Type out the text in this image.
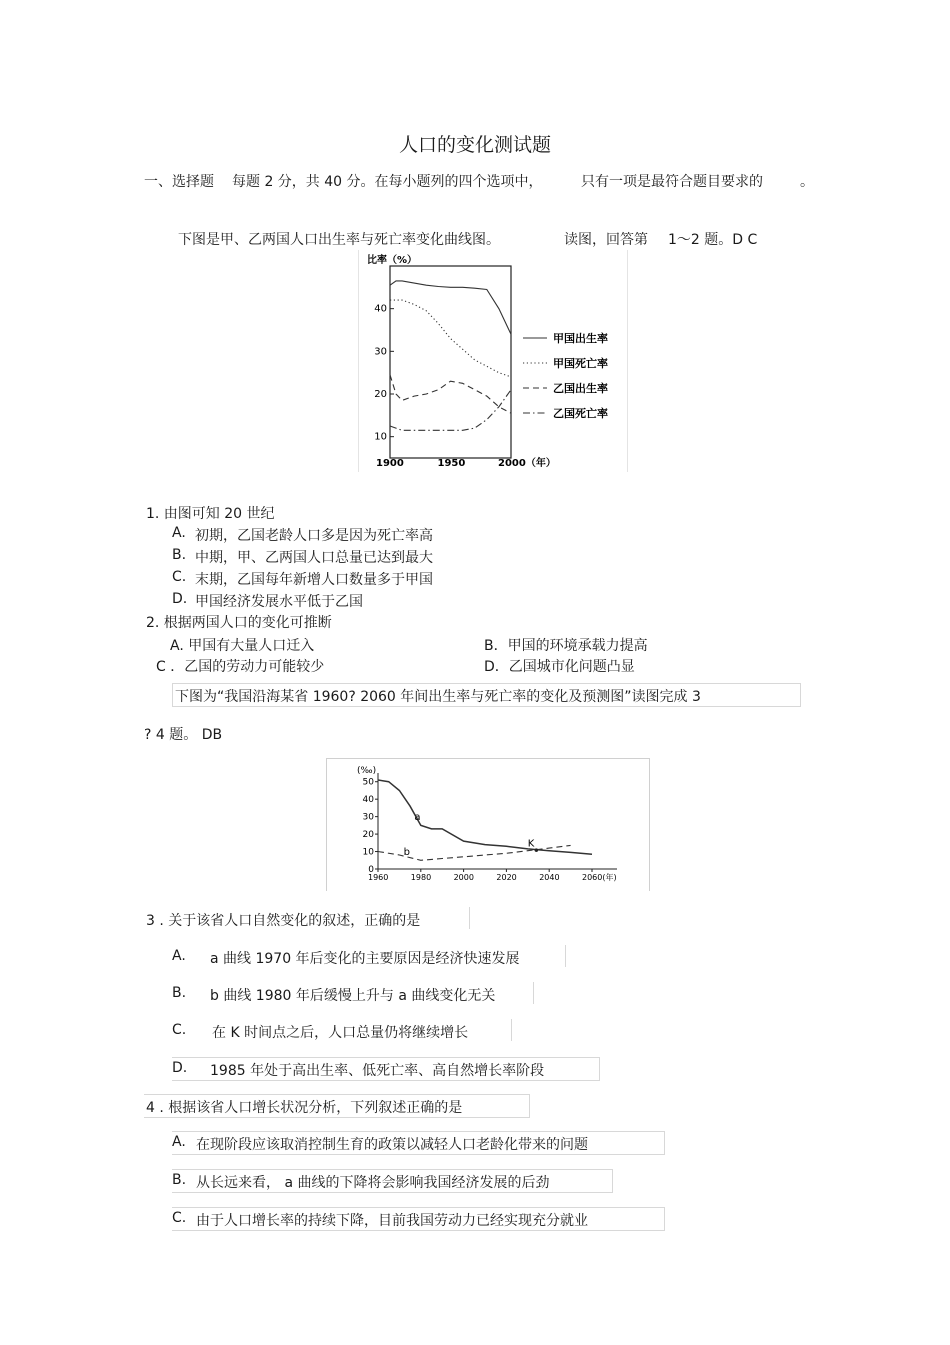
人口的变化测试题
一、选择题 每题 2 分，共 40 分。在每小题列的四个选项中，	只有一项是最符合题目要求的	。
下图是甲、乙两国人口出生率与死亡率变化曲线图。	读图，回答第 1～2 题。D C
比率（%）
40
30
20
10
1900	1950	2000（年）
甲国出生率
甲国死亡率
乙国出生率
乙国死亡率
1. 由图可知 20 世纪
A. 初期，乙国老龄人口多是因为死亡率高
B. 中期，甲、乙两国人口总量已达到最大
C. 末期，乙国每年新增人口数量多于甲国
D. 甲国经济发展水平低于乙国
2. 根据两国人口的变化可推断
A. 甲国有大量人口迁入	B．甲国的环境承载力提高
C ．乙国的劳动力可能较少	D．乙国城市化问题凸显
下图为“我国沿海某省 1960? 2060 年间出生率与死亡率的变化及预测图”读图完成 3
? 4 题。 DB
(‰)
50
40
30
20
10
0
1960	1980	2000	2020	2040	2060(年)
a
b
K
3 . 关于该省人口自然变化的叙述，正确的是
A. a 曲线 1970 年后变化的主要原因是经济快速发展
B. b 曲线 1980 年后缓慢上升与 a 曲线变化无关
C. 在 K 时间点之后，人口总量仍将继续增长
D. 1985 年处于高出生率、低死亡率、高自然增长率阶段
4 . 根据该省人口增长状况分析，下列叙述正确的是
A. 在现阶段应该取消控制生育的政策以减轻人口老龄化带来的问题
B. 从长远来看， a 曲线的下降将会影响我国经济发展的后劲
C. 由于人口增长率的持续下降，目前我国劳动力已经实现充分就业
